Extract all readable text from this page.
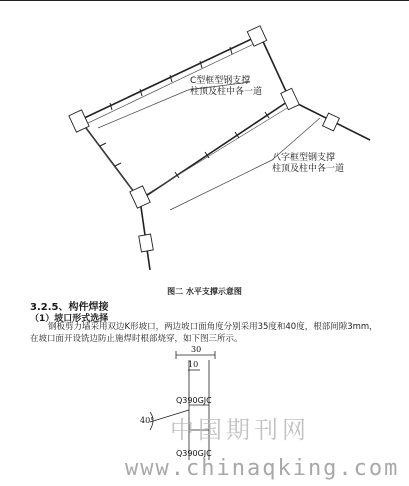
C型框型钢支撑
柱顶及柱中各一道
八字框型钢支撑
柱顶及柱中各一道
图二 水平支撑示意图
3.2.5、构件焊接
（1）坡口形式选择
钢板剪力墙采用双边K形坡口，两边坡口面角度分别采用35度和40度，根部间隙3mm，在坡口面开设铣边防止施焊时根部烧穿，如下图三所示。
30
10
Q390GJC
Q390GJC
40° 中国期刊网
www.chinaqking.com
